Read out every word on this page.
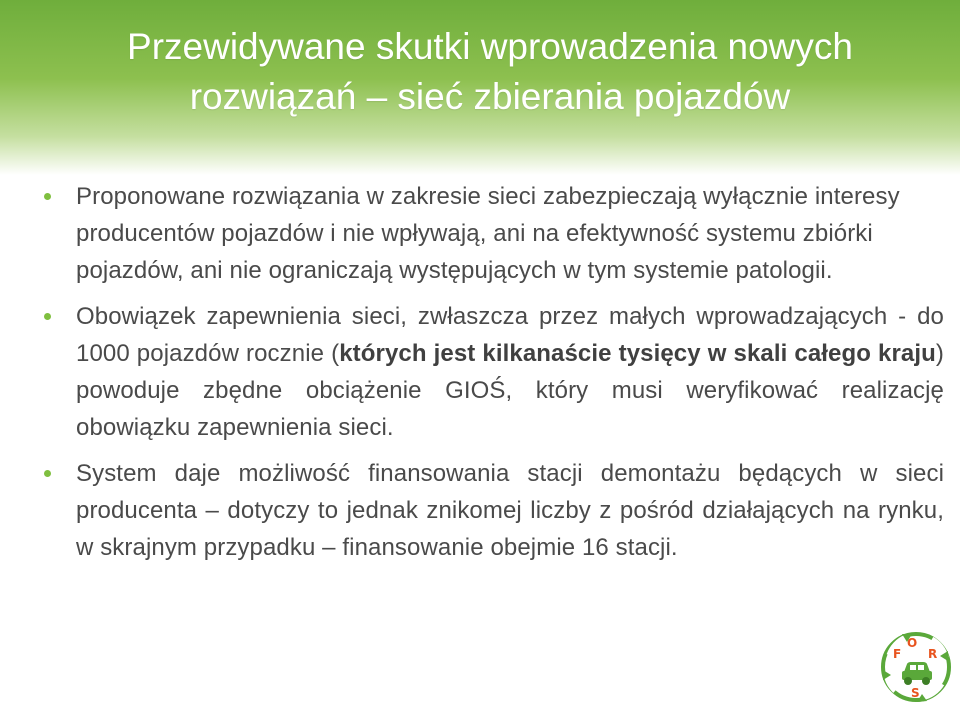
Przewidywane skutki wprowadzenia nowych rozwiązań – sieć zbierania pojazdów

Proponowane rozwiązania w zakresie sieci zabezpieczają wyłącznie interesy producentów pojazdów i nie wpływają, ani na efektywność systemu zbiórki pojazdów, ani nie ograniczają występujących w tym systemie patologii.

Obowiązek zapewnienia sieci, zwłaszcza przez małych wprowadzających - do 1000 pojazdów rocznie (których jest kilkanaście tysięcy w skali całego kraju) powoduje zbędne obciążenie GIOŚ, który musi weryfikować realizację obowiązku zapewnienia sieci.

System daje możliwość finansowania stacji demontażu będących w sieci producenta – dotyczy to jednak znikomej liczby z pośród działających na rynku, w skrajnym przypadku – finansowanie obejmie 16 stacji.

F
O
R
S
